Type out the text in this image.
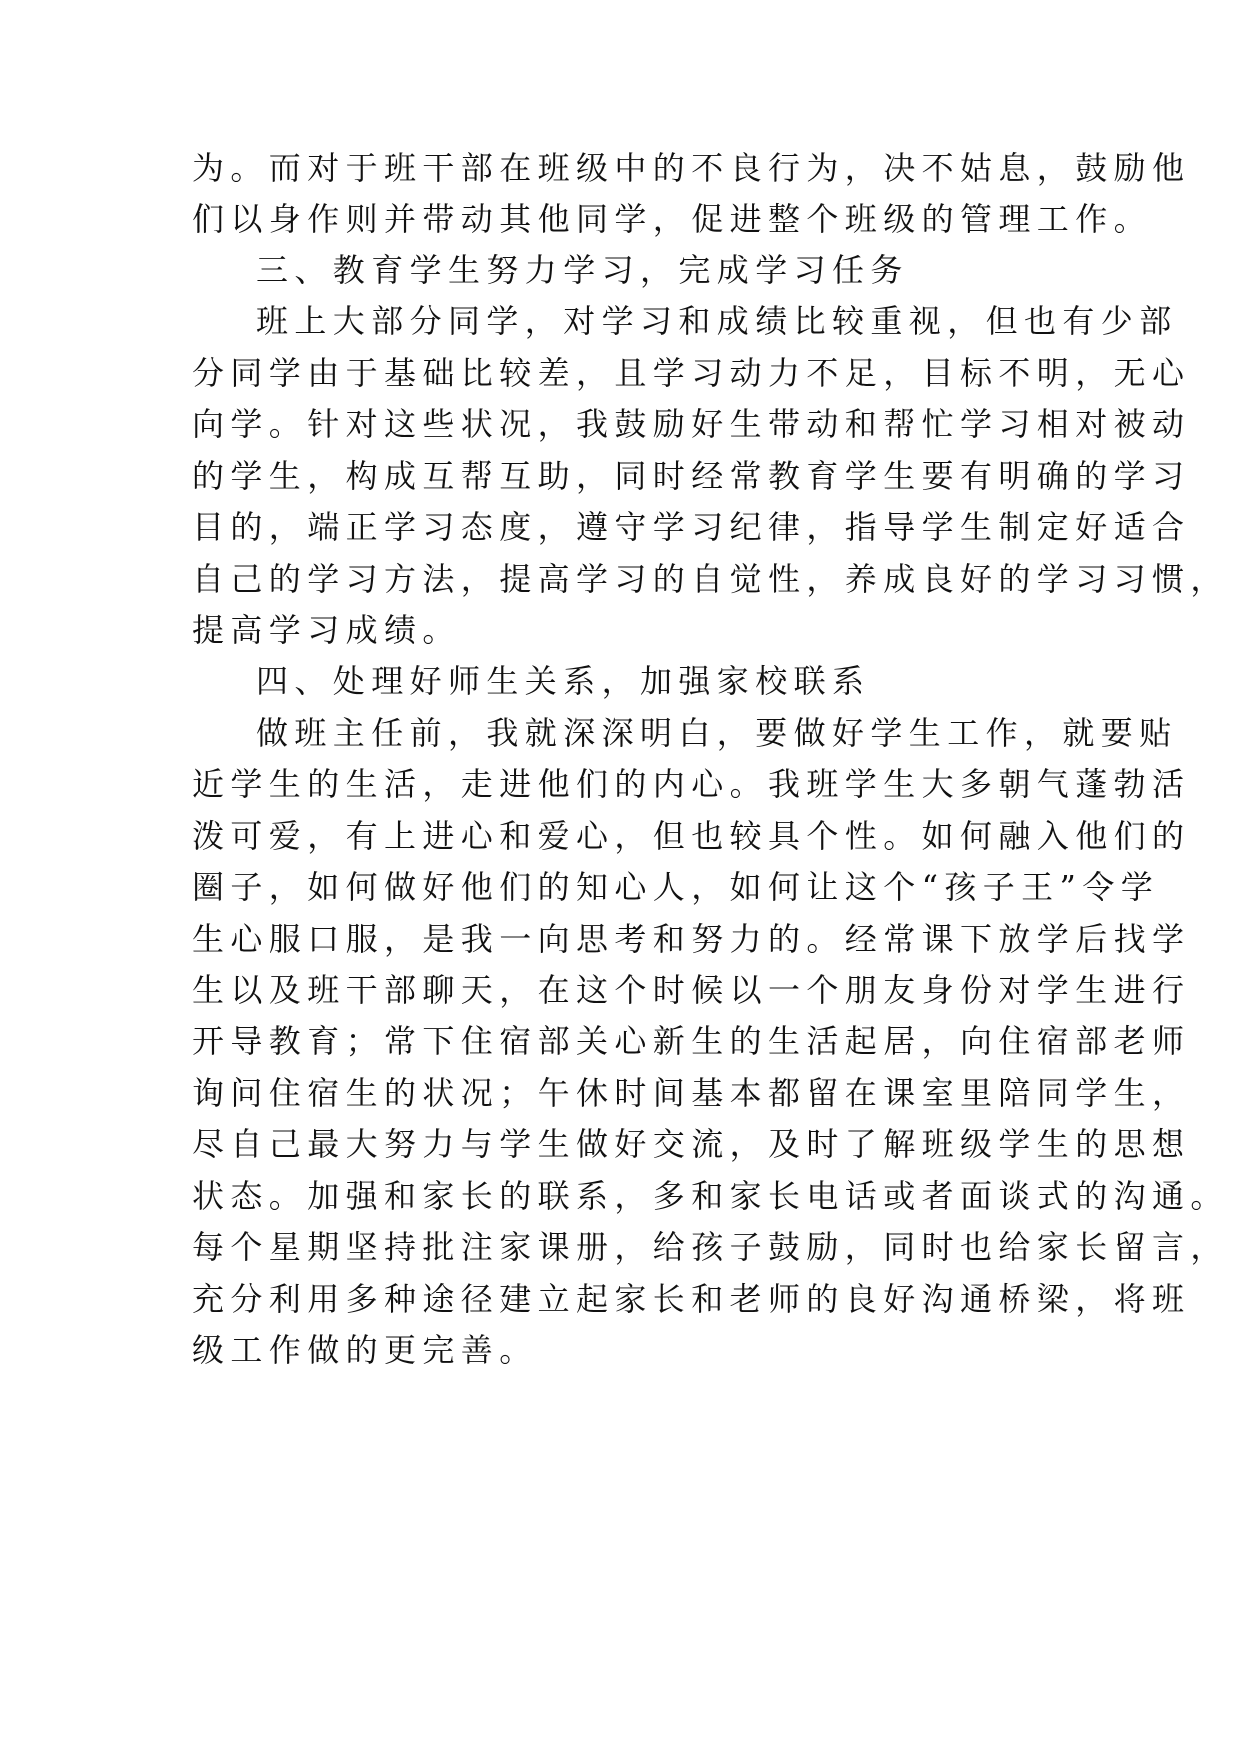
为。而对于班干部在班级中的不良行为，决不姑息，鼓励他
们以身作则并带动其他同学，促进整个班级的管理工作。
三、教育学生努力学习，完成学习任务
班上大部分同学，对学习和成绩比较重视，但也有少部
分同学由于基础比较差，且学习动力不足，目标不明，无心
向学。针对这些状况，我鼓励好生带动和帮忙学习相对被动
的学生，构成互帮互助，同时经常教育学生要有明确的学习
目的，端正学习态度，遵守学习纪律，指导学生制定好适合
自己的学习方法，提高学习的自觉性，养成良好的学习习惯，
提高学习成绩。
四、处理好师生关系，加强家校联系
做班主任前，我就深深明白，要做好学生工作，就要贴
近学生的生活，走进他们的内心。我班学生大多朝气蓬勃活
泼可爱，有上进心和爱心，但也较具个性。如何融入他们的
圈子，如何做好他们的知心人，如何让这个“孩子王”令学
生心服口服，是我一向思考和努力的。经常课下放学后找学
生以及班干部聊天，在这个时候以一个朋友身份对学生进行
开导教育；常下住宿部关心新生的生活起居，向住宿部老师
询问住宿生的状况；午休时间基本都留在课室里陪同学生，
尽自己最大努力与学生做好交流，及时了解班级学生的思想
状态。加强和家长的联系，多和家长电话或者面谈式的沟通。
每个星期坚持批注家课册，给孩子鼓励，同时也给家长留言，
充分利用多种途径建立起家长和老师的良好沟通桥梁，将班
级工作做的更完善。
